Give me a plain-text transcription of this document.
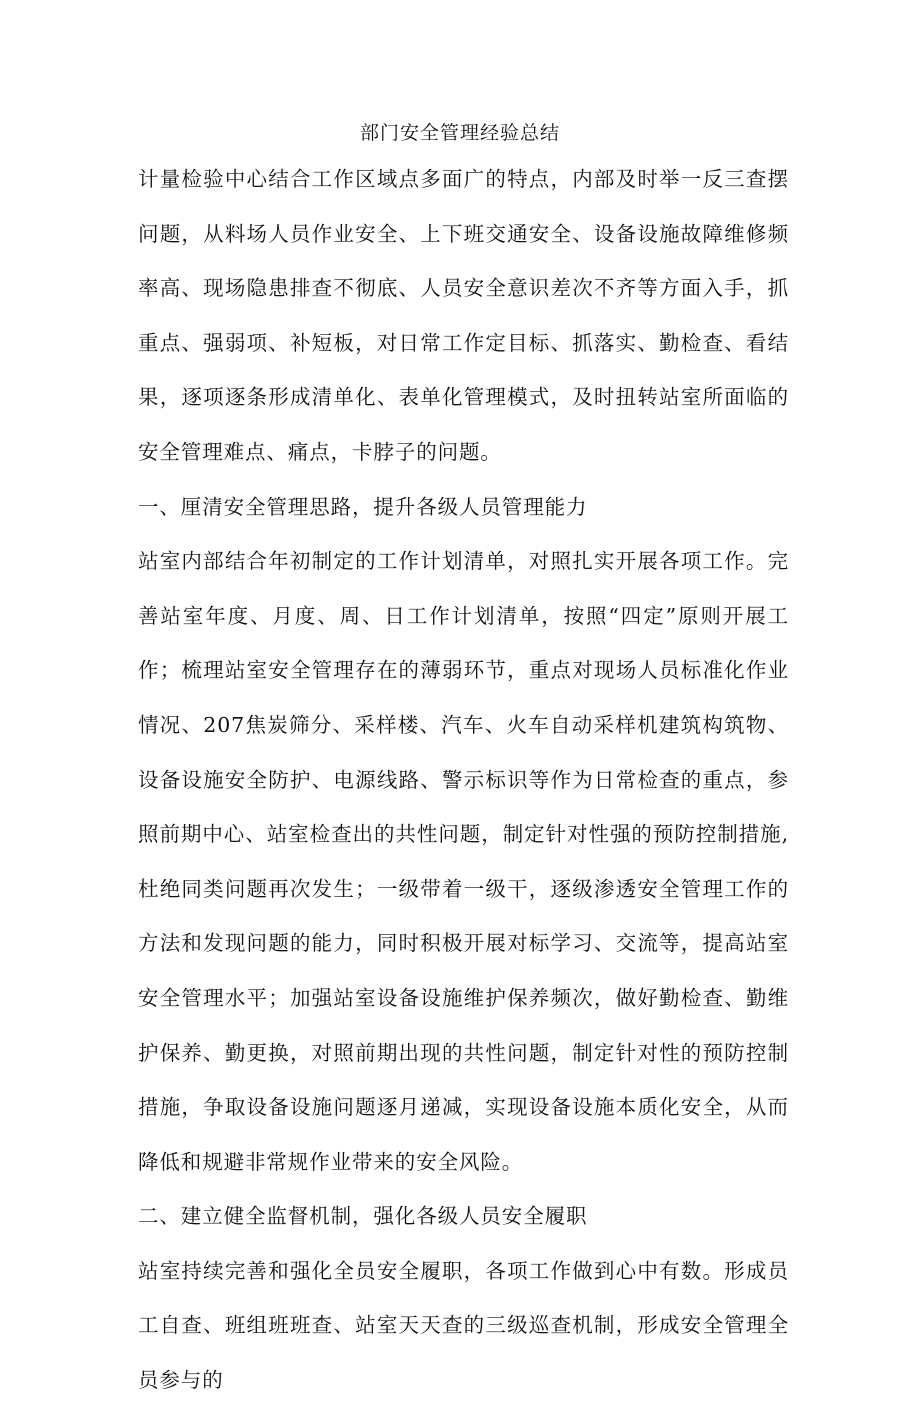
部门安全管理经验总结

计量检验中心结合工作区域点多面广的特点，内部及时举一反三查摆问题，从料场人员作业安全、上下班交通安全、设备设施故障维修频率高、现场隐患排查不彻底、人员安全意识差次不齐等方面入手，抓重点、强弱项、补短板，对日常工作定目标、抓落实、勤检查、看结果，逐项逐条形成清单化、表单化管理模式，及时扭转站室所面临的安全管理难点、痛点，卡脖子的问题。

一、厘清安全管理思路，提升各级人员管理能力

站室内部结合年初制定的工作计划清单，对照扎实开展各项工作。完善站室年度、月度、周、日工作计划清单，按照“四定”原则开展工作；梳理站室安全管理存在的薄弱环节，重点对现场人员标准化作业情况、207焦炭筛分、采样楼、汽车、火车自动采样机建筑构筑物、设备设施安全防护、电源线路、警示标识等作为日常检查的重点，参照前期中心、站室检查出的共性问题，制定针对性强的预防控制措施,杜绝同类问题再次发生；一级带着一级干，逐级渗透安全管理工作的方法和发现问题的能力，同时积极开展对标学习、交流等，提高站室安全管理水平；加强站室设备设施维护保养频次，做好勤检查、勤维护保养、勤更换，对照前期出现的共性问题，制定针对性的预防控制措施，争取设备设施问题逐月递减，实现设备设施本质化安全，从而降低和规避非常规作业带来的安全风险。

二、建立健全监督机制，强化各级人员安全履职

站室持续完善和强化全员安全履职，各项工作做到心中有数。形成员工自查、班组班班查、站室天天查的三级巡查机制，形成安全管理全员参与的
